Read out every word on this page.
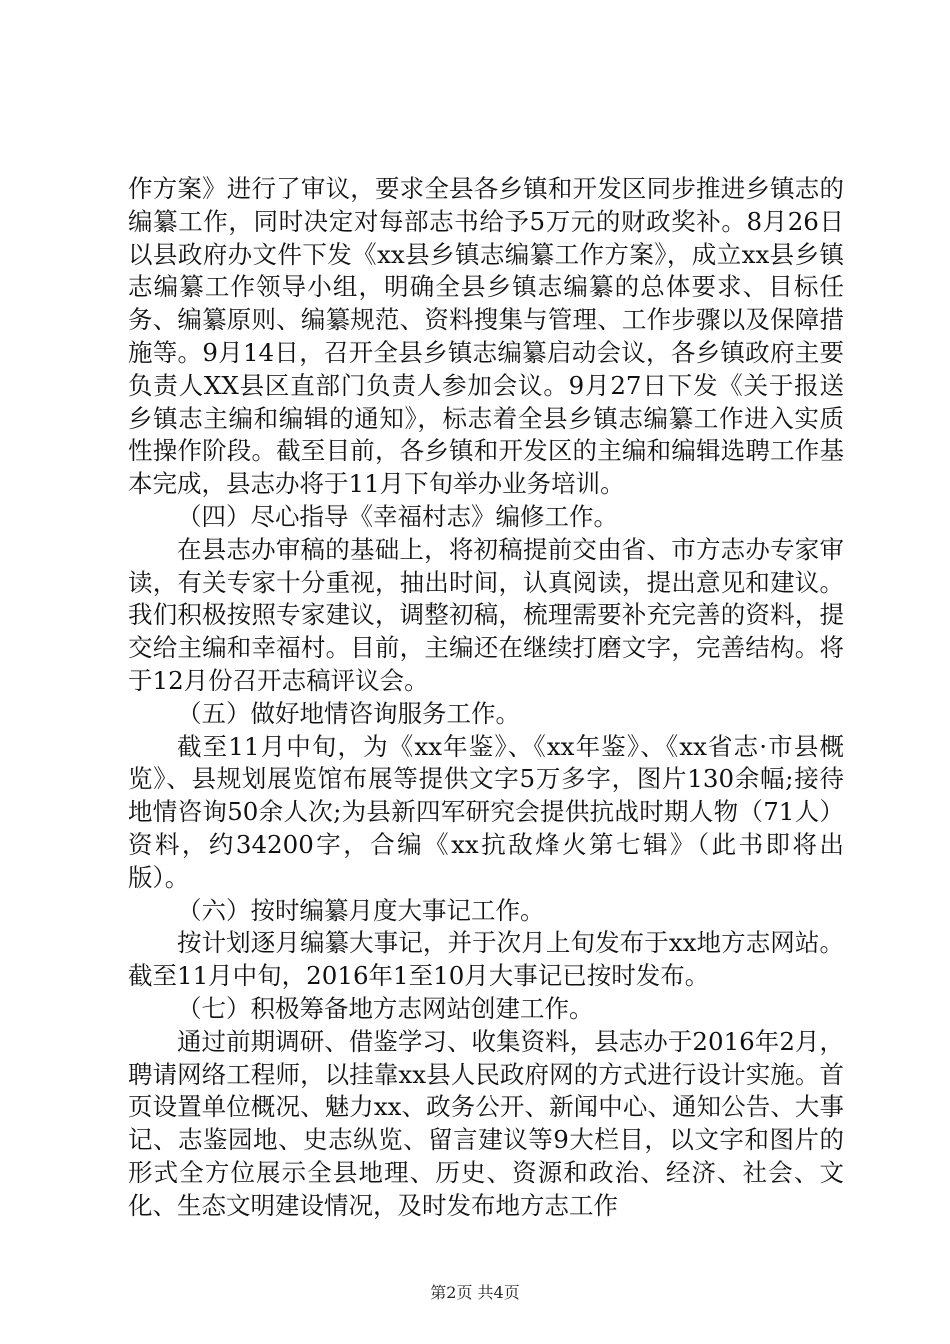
作方案》进行了审议，要求全县各乡镇和开发区同步推进乡镇志的编纂工作，同时决定对每部志书给予5万元的财政奖补。8月26日以县政府办文件下发《xx县乡镇志编纂工作方案》，成立xx县乡镇志编纂工作领导小组，明确全县乡镇志编纂的总体要求、目标任务、编纂原则、编纂规范、资料搜集与管理、工作步骤以及保障措施等。9月14日，召开全县乡镇志编纂启动会议，各乡镇政府主要负责人XX县区直部门负责人参加会议。9月27日下发《关于报送乡镇志主编和编辑的通知》，标志着全县乡镇志编纂工作进入实质性操作阶段。截至目前，各乡镇和开发区的主编和编辑选聘工作基本完成，县志办将于11月下旬举办业务培训。

（四）尽心指导《幸福村志》编修工作。

在县志办审稿的基础上，将初稿提前交由省、市方志办专家审读，有关专家十分重视，抽出时间，认真阅读，提出意见和建议。我们积极按照专家建议，调整初稿，梳理需要补充完善的资料，提交给主编和幸福村。目前，主编还在继续打磨文字，完善结构。将于12月份召开志稿评议会。

（五）做好地情咨询服务工作。

截至11月中旬，为《xx年鉴》、《xx年鉴》、《xx省志·市县概览》、县规划展览馆布展等提供文字5万多字，图片130余幅;接待地情咨询50余人次;为县新四军研究会提供抗战时期人物（71人）资料，约34200字，合编《xx抗敌烽火第七辑》（此书即将出版）。

（六）按时编纂月度大事记工作。

按计划逐月编纂大事记，并于次月上旬发布于xx地方志网站。截至11月中旬，2016年1至10月大事记已按时发布。

（七）积极筹备地方志网站创建工作。

通过前期调研、借鉴学习、收集资料，县志办于2016年2月，聘请网络工程师，以挂靠xx县人民政府网的方式进行设计实施。首页设置单位概况、魅力xx、政务公开、新闻中心、通知公告、大事记、志鉴园地、史志纵览、留言建议等9大栏目，以文字和图片的形式全方位展示全县地理、历史、资源和政治、经济、社会、文化、生态文明建设情况，及时发布地方志工作

第2页 共4页
